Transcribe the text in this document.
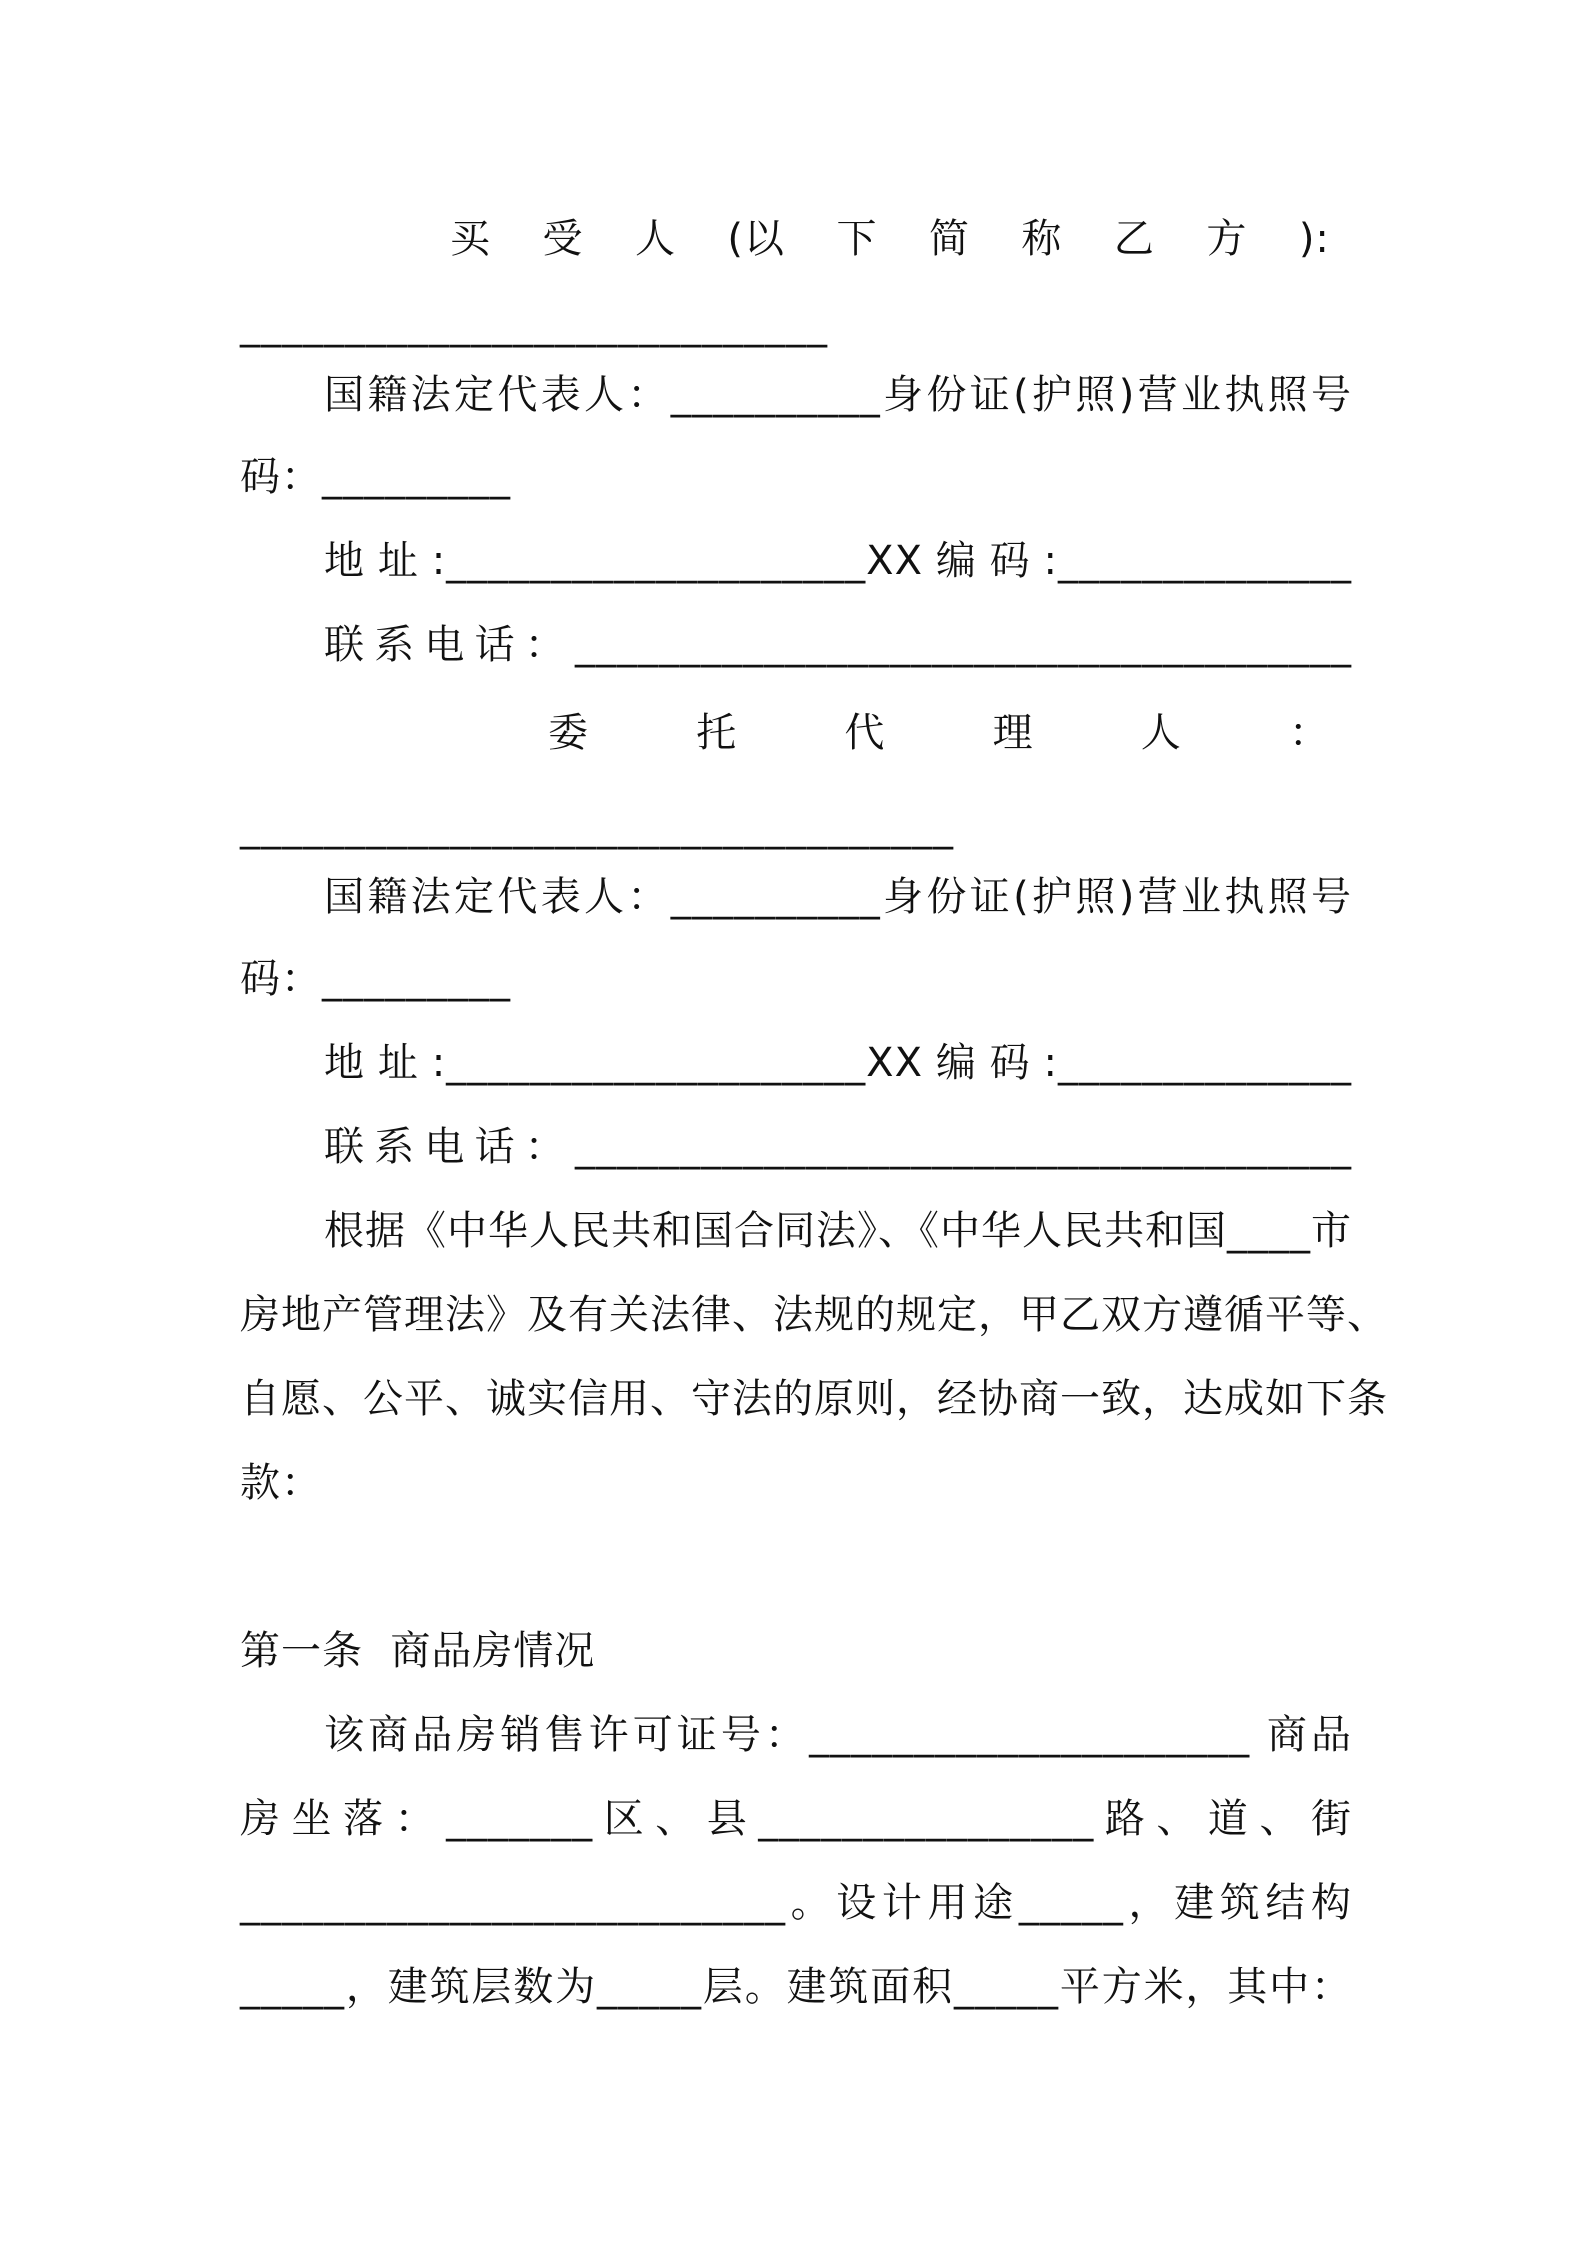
买 受 人 (以 下 简 称 乙 方 ):
____________________________
国籍法定代表人：__________身份证(护照)营业执照号
码：_________
地址:____________________XX编码:______________
联系电话：_____________________________________
委	托	代	理	人	：
__________________________________
国籍法定代表人：__________身份证(护照)营业执照号
码：_________
地址:____________________XX编码:______________
联系电话：_____________________________________
根据《中华人民共和国合同法》、《中华人民共和国____市
房地产管理法》及有关法律、法规的规定，甲乙双方遵循平等、
自愿、公平、诚实信用、守法的原则，经协商一致，达成如下条
款：
第一条  商品房情况
该商品房销售许可证号：_____________________ 商品
房坐落：_______区、县________________路、道、街
__________________________。设计用途_____，建筑结构
_____，建筑层数为_____层。建筑面积_____平方米，其中：
